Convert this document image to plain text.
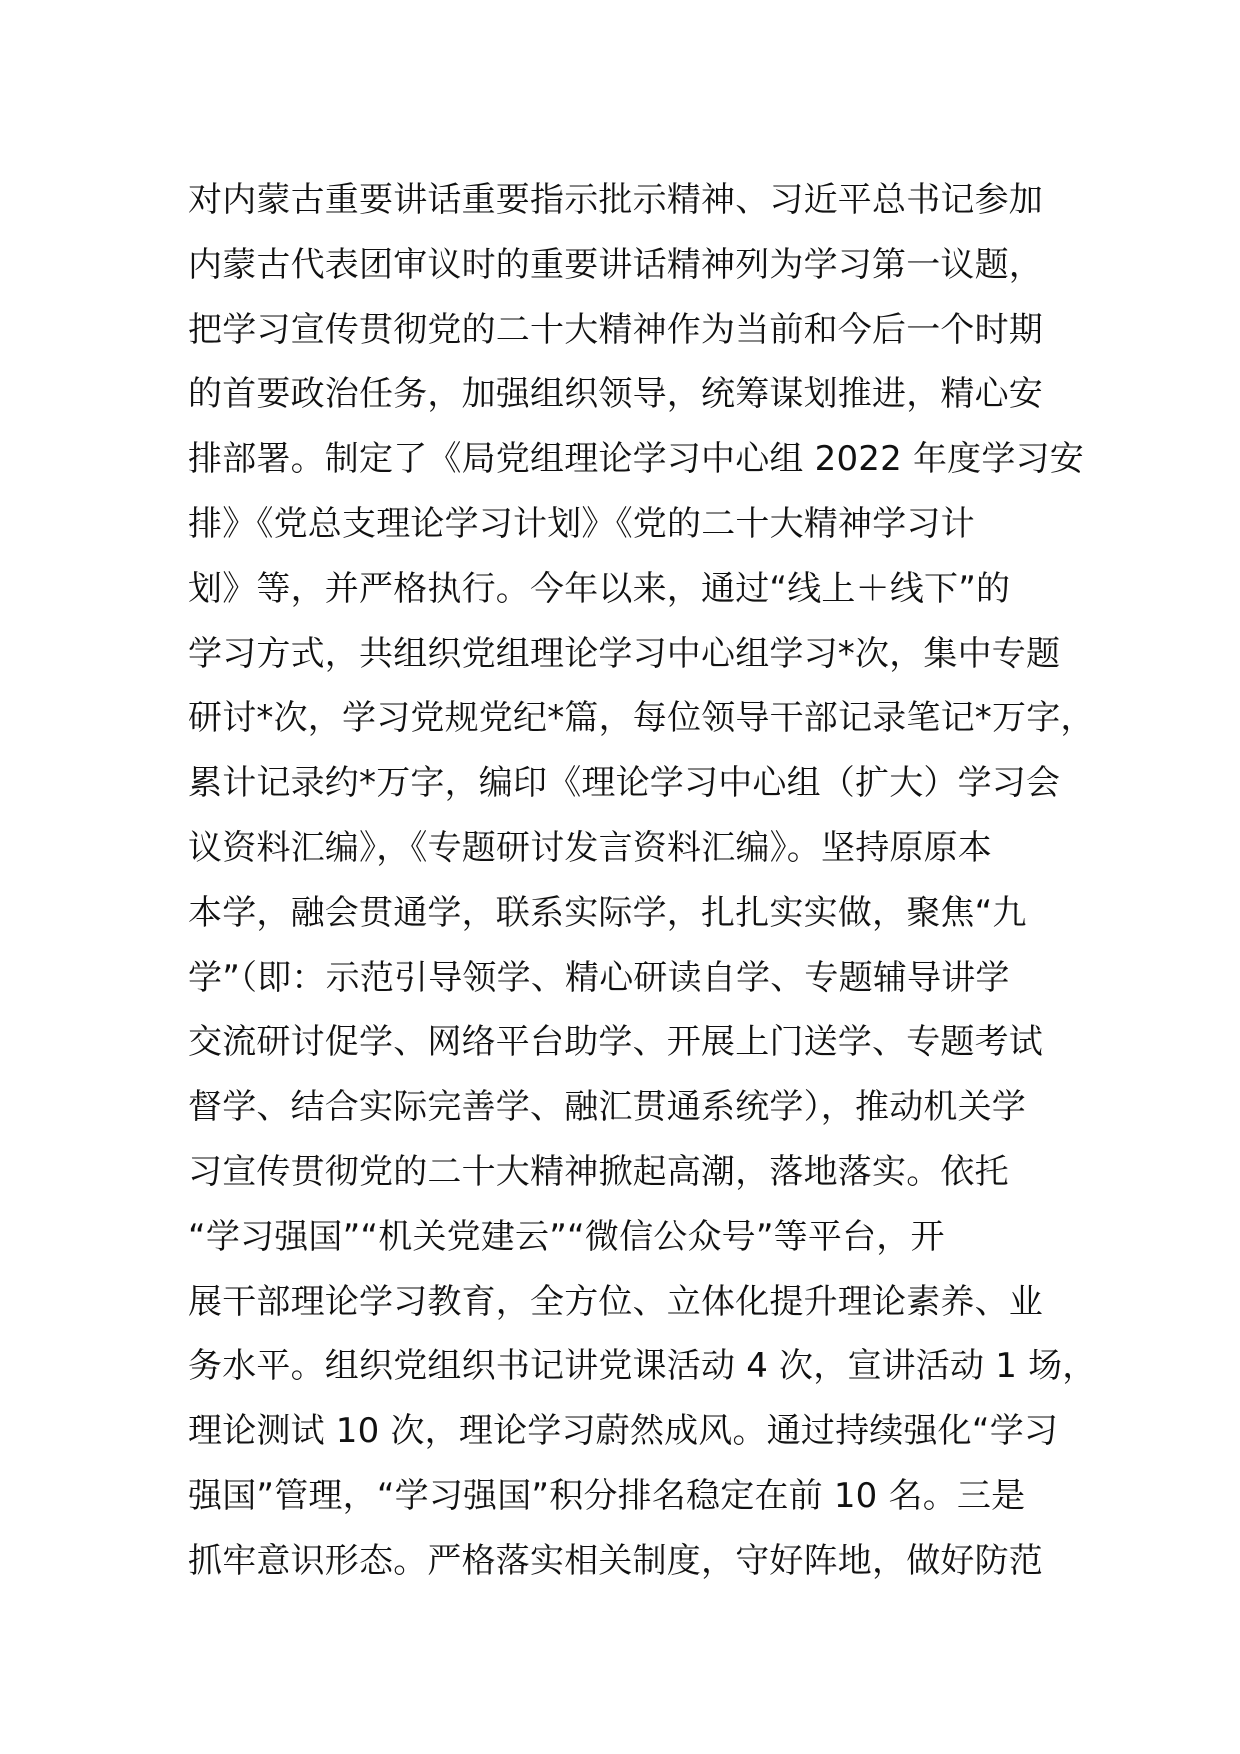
对内蒙古重要讲话重要指示批示精神、习近平总书记参加
内蒙古代表团审议时的重要讲话精神列为学习第一议题，
把学习宣传贯彻党的二十大精神作为当前和今后一个时期
的首要政治任务，加强组织领导，统筹谋划推进，精心安
排部署。制定了《局党组理论学习中心组 2022 年度学习安
排》《党总支理论学习计划》《党的二十大精神学习计
划》等，并严格执行。今年以来，通过“线上＋线下”的
学习方式，共组织党组理论学习中心组学习*次，集中专题
研讨*次，学习党规党纪*篇，每位领导干部记录笔记*万字，
累计记录约*万字，编印《理论学习中心组（扩大）学习会
议资料汇编》，《专题研讨发言资料汇编》。坚持原原本
本学，融会贯通学，联系实际学，扎扎实实做，聚焦“九
学”（即：示范引导领学、精心研读自学、专题辅导讲学
交流研讨促学、网络平台助学、开展上门送学、专题考试
督学、结合实际完善学、融汇贯通系统学），推动机关学
习宣传贯彻党的二十大精神掀起高潮，落地落实。依托
“学习强国”“机关党建云”“微信公众号”等平台，开
展干部理论学习教育，全方位、立体化提升理论素养、业
务水平。组织党组织书记讲党课活动 4 次，宣讲活动 1 场，
理论测试 10 次，理论学习蔚然成风。通过持续强化“学习
强国”管理，“学习强国”积分排名稳定在前 10 名。三是
抓牢意识形态。严格落实相关制度，守好阵地，做好防范
